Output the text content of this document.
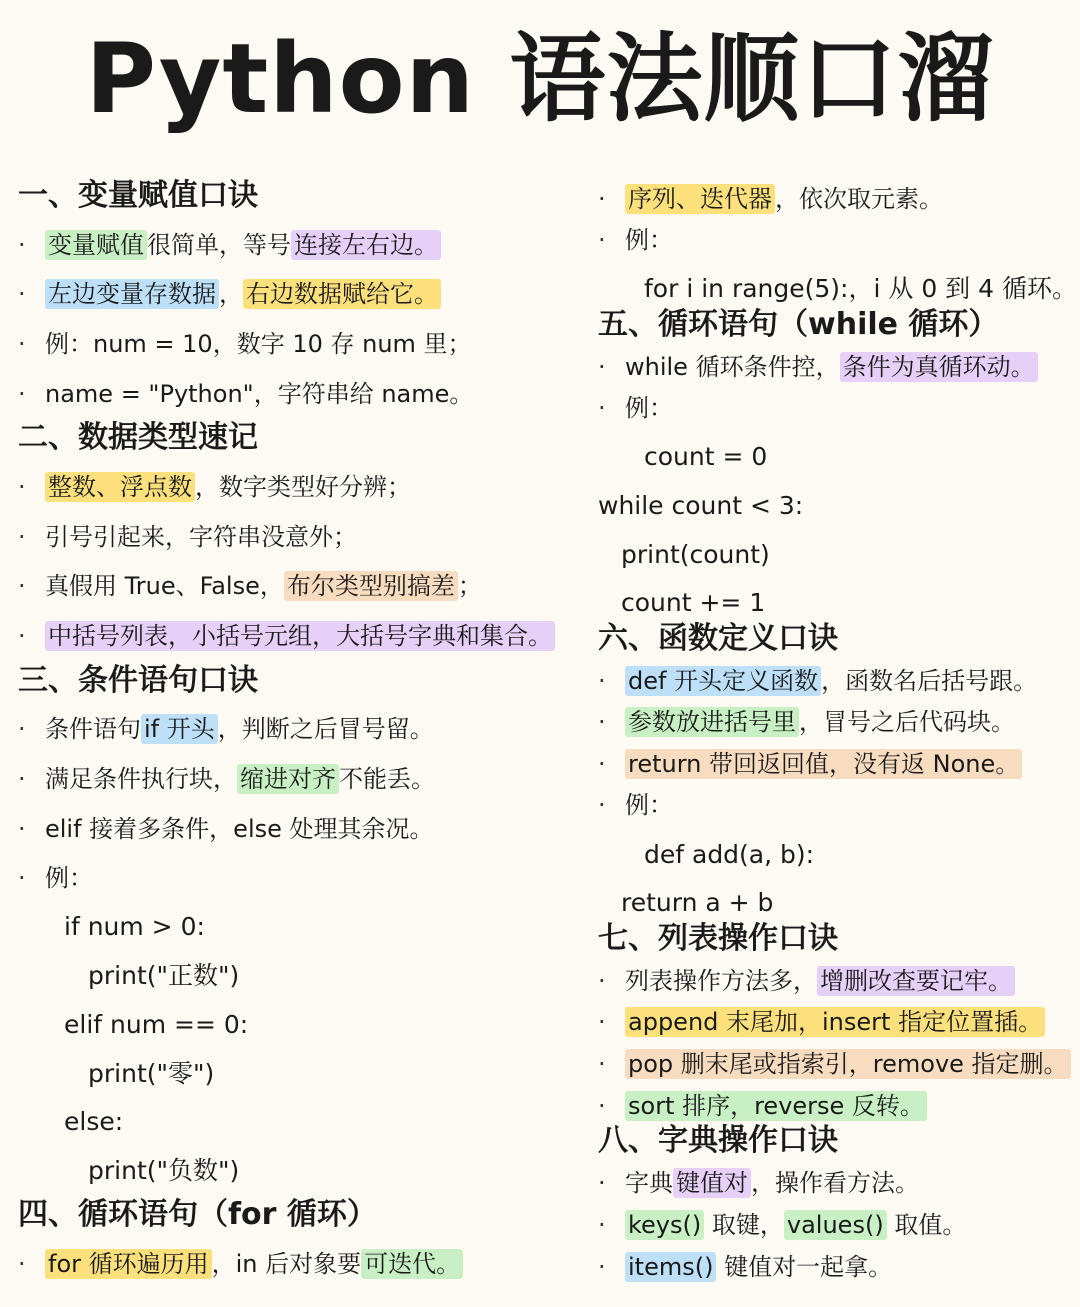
Python 语法顺口溜
一、变量赋值口诀
· 变量赋值 很简单，等号 连接左右边。
· 左边变量存数据 ， 右边数据赋给它。
· 例：num = 10，数字 10 存 num 里；
· name = "Python"，字符串给 name。
二、数据类型速记
· 整数、浮点数 ，数字类型好分辨；
· 引号引起来，字符串没意外；
· 真假用 True、False， 布尔类型别搞差 ；
· 中括号列表，小括号元组，大括号字典和集合。
三、条件语句口诀
· 条件语句 if 开头 ，判断之后冒号留。
· 满足条件执行块， 缩进对齐 不能丢。
· elif 接着多条件，else 处理其余况。
· 例：
if num > 0:
print("正数")
elif num == 0:
print("零")
else:
print("负数")
四、循环语句（for 循环）
· for 循环遍历用 ，in 后对象要 可迭代。
· 序列、迭代器 ，依次取元素。
· 例：
for i in range(5):，i 从 0 到 4 循环。
五、循环语句（while 循环）
· while 循环条件控， 条件为真循环动。
· 例：
count = 0
while count < 3:
print(count)
count += 1
六、函数定义口诀
· def 开头定义函数 ，函数名后括号跟。
· 参数放进括号里 ，冒号之后代码块。
· return 带回返回值，没有返 None。
· 例：
def add(a, b):
return a + b
七、列表操作口诀
· 列表操作方法多， 增删改查要记牢。
· append 末尾加，insert 指定位置插。
· pop 删末尾或指索引，remove 指定删。
· sort 排序，reverse 反转。
八、字典操作口诀
· 字典 键值对 ，操作看方法。
· keys() 取键， values() 取值。
· items() 键值对一起拿。
